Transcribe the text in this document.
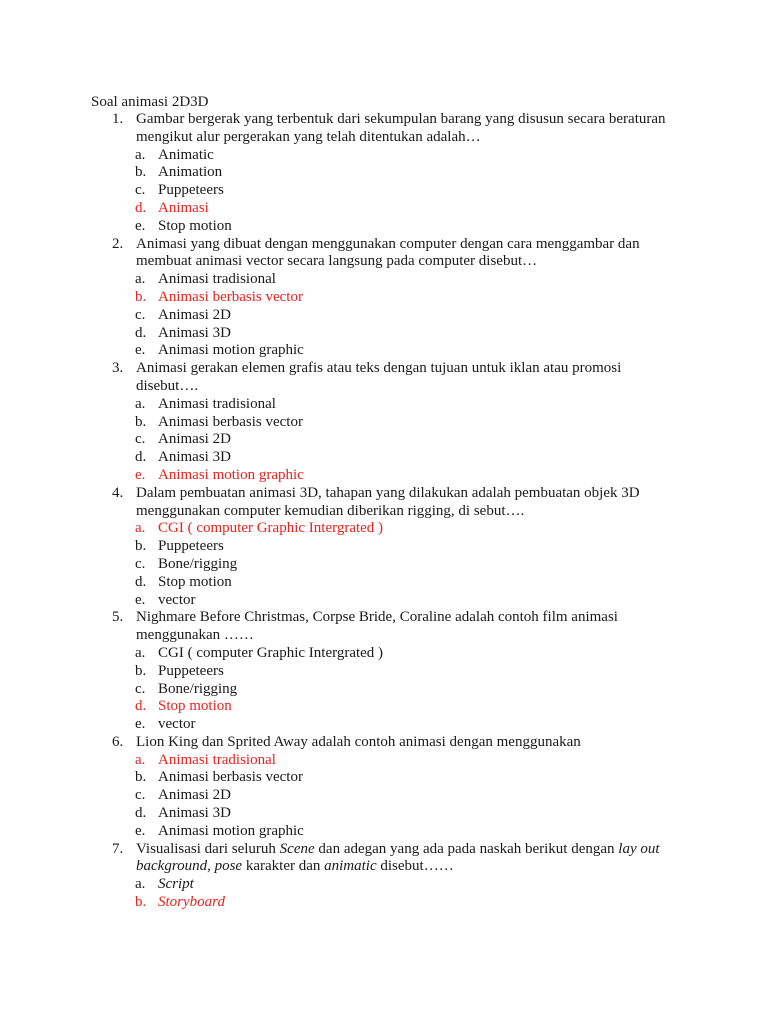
Soal animasi 2D3D
1. Gambar bergerak yang terbentuk dari sekumpulan barang yang disusun secara beraturan mengikut alur pergerakan yang telah ditentukan adalah…
a. Animatic
b. Animation
c. Puppeteers
d. Animasi
e. Stop motion
2. Animasi yang dibuat dengan menggunakan computer dengan cara menggambar dan membuat animasi vector secara langsung pada computer disebut…
a. Animasi tradisional
b. Animasi berbasis vector
c. Animasi 2D
d. Animasi 3D
e. Animasi motion graphic
3. Animasi gerakan elemen grafis atau teks dengan tujuan untuk iklan atau promosi
disebut….
a. Animasi tradisional
b. Animasi berbasis vector
c. Animasi 2D
d. Animasi 3D
e. Animasi motion graphic
4. Dalam pembuatan animasi 3D, tahapan yang dilakukan adalah pembuatan objek 3D menggunakan computer kemudian diberikan rigging, di sebut….
a. CGI ( computer Graphic Intergrated )
b. Puppeteers
c. Bone/rigging
d. Stop motion
e. vector
5. Nighmare Before Christmas, Corpse Bride, Coraline adalah contoh film animasi
menggunakan ……
a. CGI ( computer Graphic Intergrated )
b. Puppeteers
c. Bone/rigging
d. Stop motion
e. vector
6. Lion King dan Sprited Away adalah contoh animasi dengan menggunakan
a. Animasi tradisional
b. Animasi berbasis vector
c. Animasi 2D
d. Animasi 3D
e. Animasi motion graphic
7. Visualisasi dari seluruh Scene dan adegan yang ada pada naskah berikut dengan lay out
background, pose karakter dan animatic disebut……
a. Script
b. Storyboard
